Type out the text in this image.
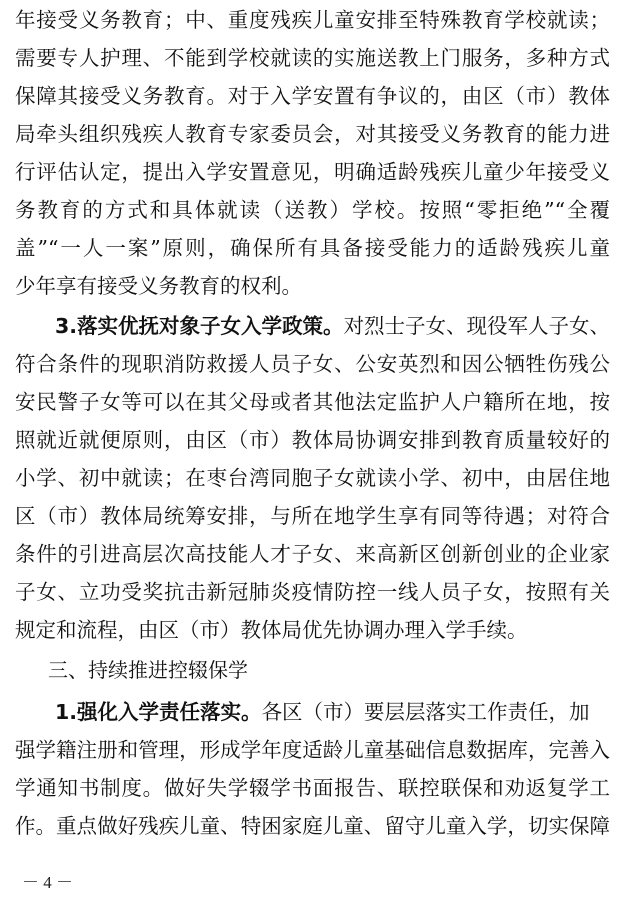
年接受义务教育；中、重度残疾儿童安排至特殊教育学校就读；
需要专人护理、不能到学校就读的实施送教上门服务，多种方式
保障其接受义务教育。对于入学安置有争议的，由区（市）教体
局牵头组织残疾人教育专家委员会，对其接受义务教育的能力进
行评估认定，提出入学安置意见，明确适龄残疾儿童少年接受义
务教育的方式和具体就读（送教）学校。按照“零拒绝”“全覆
盖”“一人一案”原则，确保所有具备接受能力的适龄残疾儿童
少年享有接受义务教育的权利。
3.落实优抚对象子女入学政策。对烈士子女、现役军人子女、
符合条件的现职消防救援人员子女、公安英烈和因公牺牲伤残公
安民警子女等可以在其父母或者其他法定监护人户籍所在地，按
照就近就便原则，由区（市）教体局协调安排到教育质量较好的
小学、初中就读；在枣台湾同胞子女就读小学、初中，由居住地
区（市）教体局统筹安排，与所在地学生享有同等待遇；对符合
条件的引进高层次高技能人才子女、来高新区创新创业的企业家
子女、立功受奖抗击新冠肺炎疫情防控一线人员子女，按照有关
规定和流程，由区（市）教体局优先协调办理入学手续。
三、持续推进控辍保学
1.强化入学责任落实。各区（市）要层层落实工作责任，加
强学籍注册和管理，形成学年度适龄儿童基础信息数据库，完善入
学通知书制度。做好失学辍学书面报告、联控联保和劝返复学工
作。重点做好残疾儿童、特困家庭儿童、留守儿童入学，切实保障
－ 4 －
